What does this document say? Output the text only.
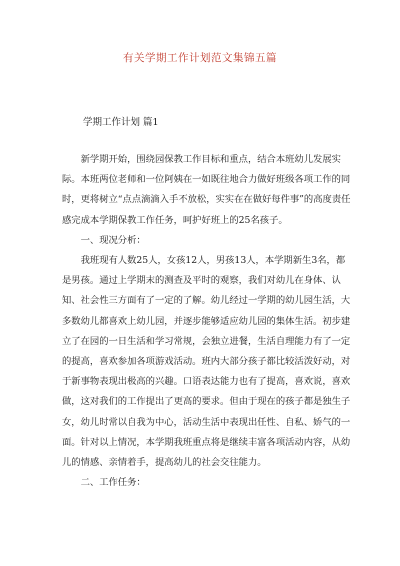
有关学期工作计划范文集锦五篇
学期工作计划 篇1

新学期开始，围绕园保教工作目标和重点，结合本班幼儿发展实际。本班两位老师和一位阿姨在一如既往地合力做好班级各项工作的同时，更将树立“点点滴滴入手不放松，实实在在做好每件事”的高度责任感完成本学期保教工作任务，呵护好班上的25名孩子。

一、现况分析：

我班现有人数25人，女孩12人，男孩13人，本学期新生3名，都是男孩。通过上学期末的测查及平时的观察，我们对幼儿在身体、认知、社会性三方面有了一定的了解。幼儿经过一学期的幼儿园生活，大多数幼儿都喜欢上幼儿园，并逐步能够适应幼儿园的集体生活。初步建立了在园的一日生活和学习常规，会独立进餐，生活自理能力有了一定的提高，喜欢参加各项游戏活动。班内大部分孩子都比较活泼好动，对于新事物表现出极高的兴趣。口语表达能力也有了提高，喜欢说，喜欢做，这对我们的工作提出了更高的要求。但由于现在的孩子都是独生子女，幼儿时常以自我为中心，活动生活中表现出任性、自私、娇气的一面。针对以上情况，本学期我班重点将是继续丰富各项活动内容，从幼儿的情感、亲情着手，提高幼儿的社会交往能力。

二、工作任务：
